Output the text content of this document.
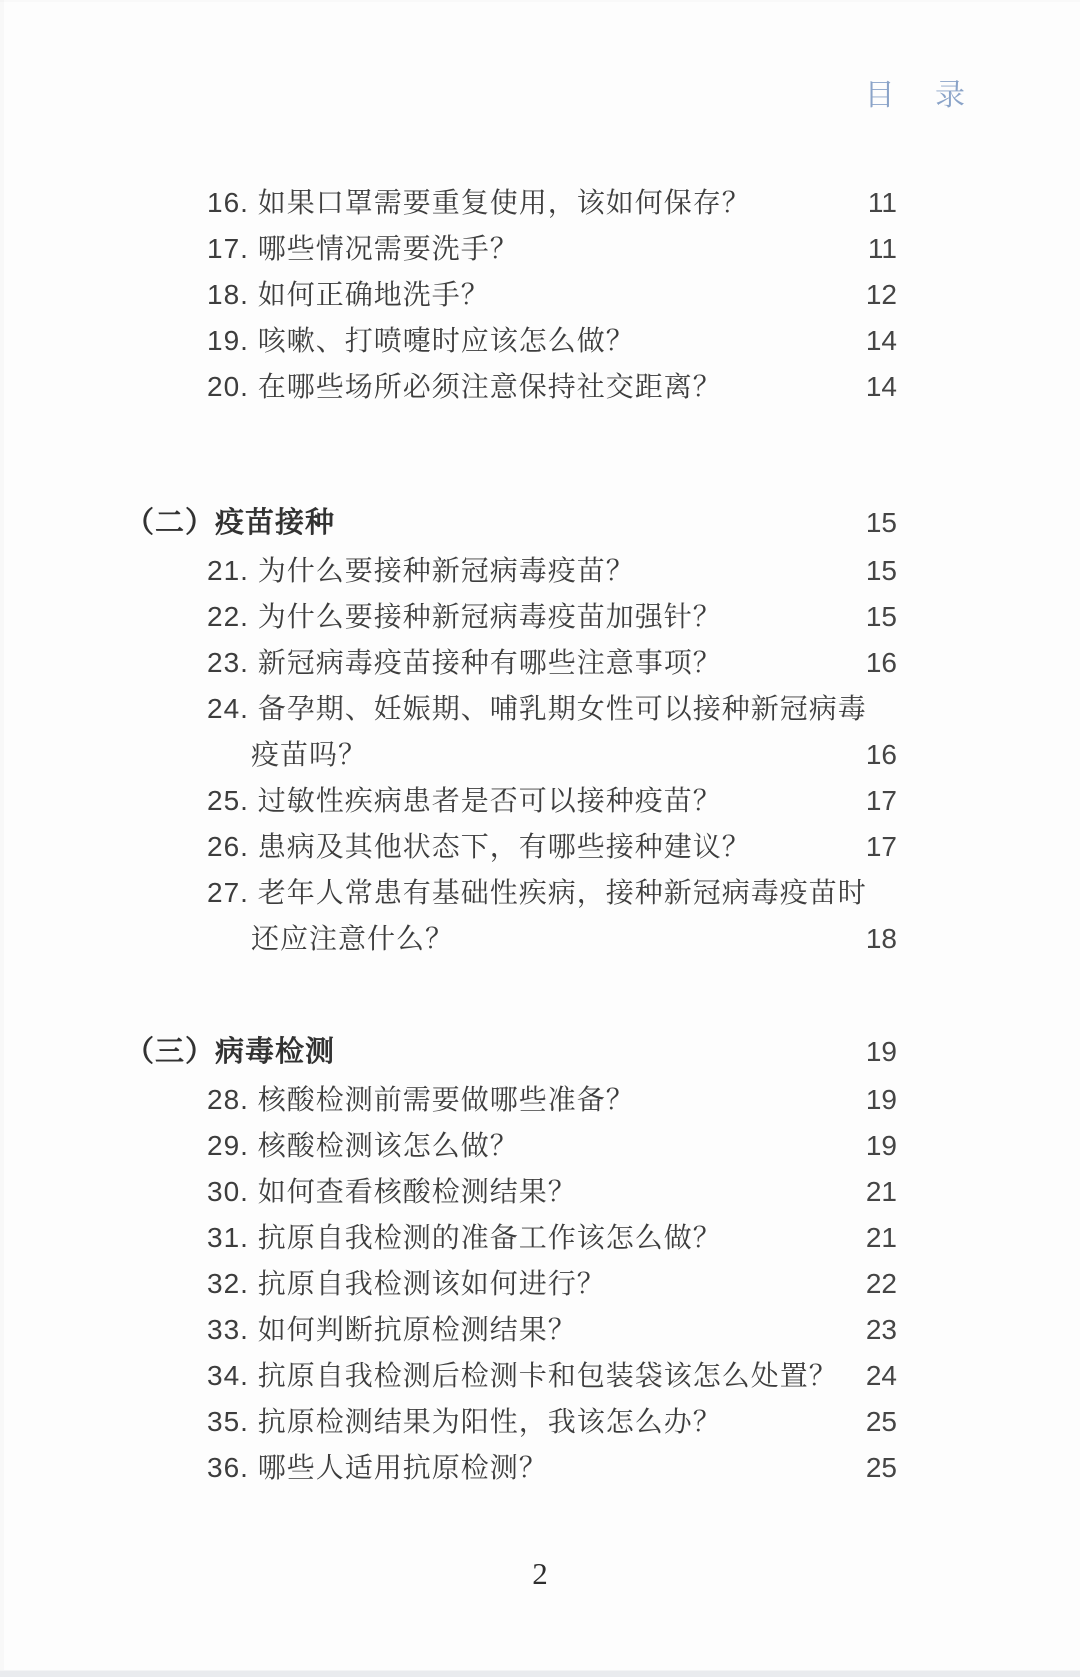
目 录
16. 如果口罩需要重复使用，该如何保存？	11
17. 哪些情况需要洗手？	11
18. 如何正确地洗手？	12
19. 咳嗽、打喷嚏时应该怎么做？	14
20. 在哪些场所必须注意保持社交距离？	14
（二）疫苗接种	15
21. 为什么要接种新冠病毒疫苗？	15
22. 为什么要接种新冠病毒疫苗加强针？	15
23. 新冠病毒疫苗接种有哪些注意事项？	16
24. 备孕期、妊娠期、哺乳期女性可以接种新冠病毒
疫苗吗？	16
25. 过敏性疾病患者是否可以接种疫苗？	17
26. 患病及其他状态下，有哪些接种建议？	17
27. 老年人常患有基础性疾病，接种新冠病毒疫苗时
还应注意什么？	18
（三）病毒检测	19
28. 核酸检测前需要做哪些准备？	19
29. 核酸检测该怎么做？	19
30. 如何查看核酸检测结果？	21
31. 抗原自我检测的准备工作该怎么做？	21
32. 抗原自我检测该如何进行？	22
33. 如何判断抗原检测结果？	23
34. 抗原自我检测后检测卡和包装袋该怎么处置？	24
35. 抗原检测结果为阳性，我该怎么办？	25
36. 哪些人适用抗原检测？	25
2
